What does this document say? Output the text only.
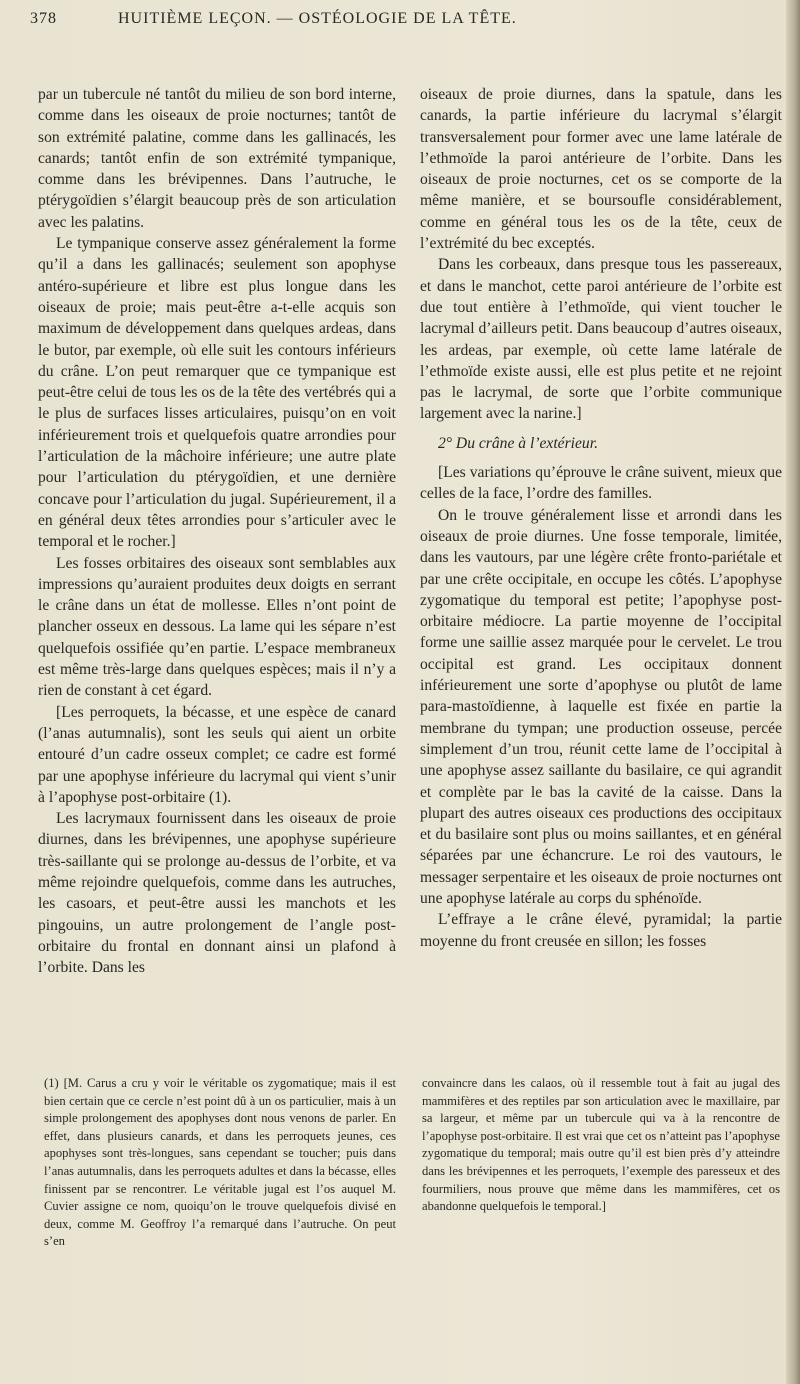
378	HUITIÈME LEÇON. — OSTÉOLOGIE DE LA TÊTE.

par un tubercule né tantôt du milieu de son bord interne, comme dans les oiseaux de proie nocturnes; tantôt de son extrémité palatine, comme dans les gallinacés, les canards; tantôt enfin de son extrémité tympanique, comme dans les brévipennes. Dans l’autruche, le ptérygoïdien s’élargit beaucoup près de son articulation avec les palatins.

Le tympanique conserve assez généralement la forme qu’il a dans les gallinacés; seulement son apophyse antéro-supérieure et libre est plus longue dans les oiseaux de proie; mais peut-être a-t-elle acquis son maximum de développement dans quelques ardeas, dans le butor, par exemple, où elle suit les contours inférieurs du crâne. L’on peut remarquer que ce tympanique est peut-être celui de tous les os de la tête des vertébrés qui a le plus de surfaces lisses articulaires, puisqu’on en voit inférieurement trois et quelquefois quatre arrondies pour l’articulation de la mâchoire inférieure; une autre plate pour l’articulation du ptérygoïdien, et une dernière concave pour l’articulation du jugal. Supérieurement, il a en général deux têtes arrondies pour s’articuler avec le temporal et le rocher.]

Les fosses orbitaires des oiseaux sont semblables aux impressions qu’auraient produites deux doigts en serrant le crâne dans un état de mollesse. Elles n’ont point de plancher osseux en dessous. La lame qui les sépare n’est quelquefois ossifiée qu’en partie. L’espace membraneux est même très-large dans quelques espèces; mais il n’y a rien de constant à cet égard.

[Les perroquets, la bécasse, et une espèce de canard (l’anas autumnalis), sont les seuls qui aient un orbite entouré d’un cadre osseux complet; ce cadre est formé par une apophyse inférieure du lacrymal qui vient s’unir à l’apophyse post-orbitaire (1).

Les lacrymaux fournissent dans les oiseaux de proie diurnes, dans les brévipennes, une apophyse supérieure très-saillante qui se prolonge au-dessus de l’orbite, et va même rejoindre quelquefois, comme dans les autruches, les casoars, et peut-être aussi les manchots et les pingouins, un autre prolongement de l’angle post-orbitaire du frontal en donnant ainsi un plafond à l’orbite. Dans les

oiseaux de proie diurnes, dans la spatule, dans les canards, la partie inférieure du lacrymal s’élargit transversalement pour former avec une lame latérale de l’ethmoïde la paroi antérieure de l’orbite. Dans les oiseaux de proie nocturnes, cet os se comporte de la même manière, et se boursoufle considérablement, comme en général tous les os de la tête, ceux de l’extrémité du bec exceptés.

Dans les corbeaux, dans presque tous les passereaux, et dans le manchot, cette paroi antérieure de l’orbite est due tout entière à l’ethmoïde, qui vient toucher le lacrymal d’ailleurs petit. Dans beaucoup d’autres oiseaux, les ardeas, par exemple, où cette lame latérale de l’ethmoïde existe aussi, elle est plus petite et ne rejoint pas le lacrymal, de sorte que l’orbite communique largement avec la narine.]

2° Du crâne à l’extérieur.

[Les variations qu’éprouve le crâne suivent, mieux que celles de la face, l’ordre des familles.

On le trouve généralement lisse et arrondi dans les oiseaux de proie diurnes. Une fosse temporale, limitée, dans les vautours, par une légère crête fronto-pariétale et par une crête occipitale, en occupe les côtés. L’apophyse zygomatique du temporal est petite; l’apophyse post-orbitaire médiocre. La partie moyenne de l’occipital forme une saillie assez marquée pour le cervelet. Le trou occipital est grand. Les occipitaux donnent inférieurement une sorte d’apophyse ou plutôt de lame para-mastoïdienne, à laquelle est fixée en partie la membrane du tympan; une production osseuse, percée simplement d’un trou, réunit cette lame de l’occipital à une apophyse assez saillante du basilaire, ce qui agrandit et complète par le bas la cavité de la caisse. Dans la plupart des autres oiseaux ces productions des occipitaux et du basilaire sont plus ou moins saillantes, et en général séparées par une échancrure. Le roi des vautours, le messager serpentaire et les oiseaux de proie nocturnes ont une apophyse latérale au corps du sphénoïde.

L’effraye a le crâne élevé, pyramidal; la partie moyenne du front creusée en sillon; les fosses

(1) [M. Carus a cru y voir le véritable os zygomatique; mais il est bien certain que ce cercle n’est point dû à un os particulier, mais à un simple prolongement des apophyses dont nous venons de parler. En effet, dans plusieurs canards, et dans les perroquets jeunes, ces apophyses sont très-longues, sans cependant se toucher; puis dans l’anas autumnalis, dans les perroquets adultes et dans la bécasse, elles finissent par se rencontrer. Le véritable jugal est l’os auquel M. Cuvier assigne ce nom, quoiqu’on le trouve quelquefois divisé en deux, comme M. Geoffroy l’a remarqué dans l’autruche. On peut s’en

convaincre dans les calaos, où il ressemble tout à fait au jugal des mammifères et des reptiles par son articulation avec le maxillaire, par sa largeur, et même par un tubercule qui va à la rencontre de l’apophyse post-orbitaire. Il est vrai que cet os n’atteint pas l’apophyse zygomatique du temporal; mais outre qu’il est bien près d’y atteindre dans les brévipennes et les perroquets, l’exemple des paresseux et des fourmiliers, nous prouve que même dans les mammifères, cet os abandonne quelquefois le temporal.]
